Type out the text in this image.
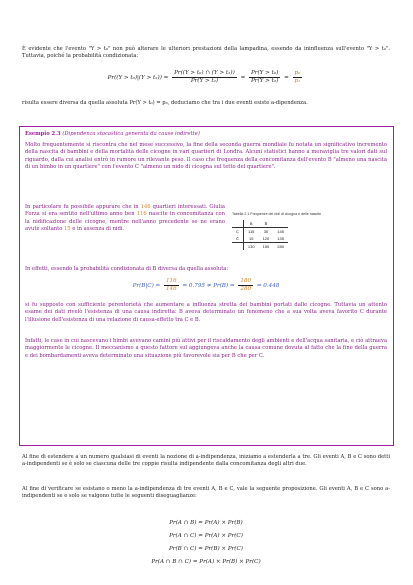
È evidente che l'evento "Y > t₀" non può alterare le ulteriori prestazioni della lampadina, essendo da ininfluenza sull'evento "Y > t₀". Tuttavia, poiché la probabilità condizionata:

$Pr((Y > t_0)|(Y > t_2)) = \frac{\text{Pr((Y > t₀) ∩ (Y > t₂))}}{\text{Pr(Y > t₂)}} = \frac{\text{Pr(Y > t₀)}}{\text{Pr(Y > t₂)}} = \frac{\text{p₀}}{\text{p₂}}$

risulta essere diversa da quella assoluta Pr(Y > t₀) = p₀, deduciamo che tra i due eventi esiste a-dipendenza.

Esempio 2.3 (Dipendenza stocastica generata da cause indirette)

Molto frequentemente si riscontra che nel mese successivo, la fine della seconda guerra mondiale fu notata un significativo incremento della nascita di bambini e della mortalità delle cicogne in vari quartieri di Londra. Alcuni statistici hanno a meraviglia tre valori dati sul riguardo, dalla cui analisi entrò in rumore un rilevante peso. Il caso che frequenza della concomitanza dell'evento B "almeno una nascita di un bimbo in un quartiere" con l'evento C "almeno un nido di cicogna sul tetto del quartiere".

In particolare fu possibile appurare che in 146 quartieri interessati. Giulia Forza si era sentito nell'ultimo anno ben 116 nascite in concomitanza con la nidificazione delle cicogne, mentre nell'anno precedente se ne erano avute soltanto 15 e in assenza di nidi.

Tabella 2.1 Frequenze dei nidi di cicogna e delle nascite
	B	B̄	
C	115	30	145
C̄	15	120	135
	130	150	280

In effetti, essendo la probabilità condizionata di B diversa da quella assoluta:

$Pr(B|C) = \frac{116}{146} = 0.795 \ne Pr(B) = \frac{180}{280} = 0.448$

si fu supposto con sufficiente perentorietà che aumentare a influenza stretta dei bambini portati dalle cicogne. Tuttavia un attento esame dei dati rivelò l'esistenza di una causa indiretta: B aveva determinato un fenomeno che a sua volta aveva favorito C durante l'illusione dell'esistenza di una relazione di causa-effetto tra C e B.

Infatti, le case in cui nascevano i bimbi avevano camini più attivi per il riscaldamento degli ambienti e dell'acqua sanitaria, e ciò attraeva maggiormente le cicogne. Il meccanismo a questo fattore sul aggiungeva anche la causa comune dovuta al fatto che la fine della guerra e dei bombardamenti aveva determinato una situazione più favorevole sia per B che per C.

Al fine di estendere a un numero qualsiasi di eventi la nozione di a-indipendenza, iniziamo a estenderla a tre. Gli eventi A, B e C sono detti a-indipendenti se è solo se ciascuna delle tre coppie risulta indipendente dalla concomitanza degli altri due.

Al fine di verificare se esistano o meno la a-indipendenza di tre eventi A, B e C, vale la seguente proposizione. Gli eventi A, B e C sono a-indipendenti se e solo se valgono tutte le seguenti diseguaglianze:

Pr(A ∩ B) = Pr(A) × Pr(B)
Pr(A ∩ C) = Pr(A) × Pr(C)
Pr(B ∩ C) = Pr(B) × Pr(C)
Pr(A ∩ B ∩ C) = Pr(A) × Pr(B) × Pr(C)
